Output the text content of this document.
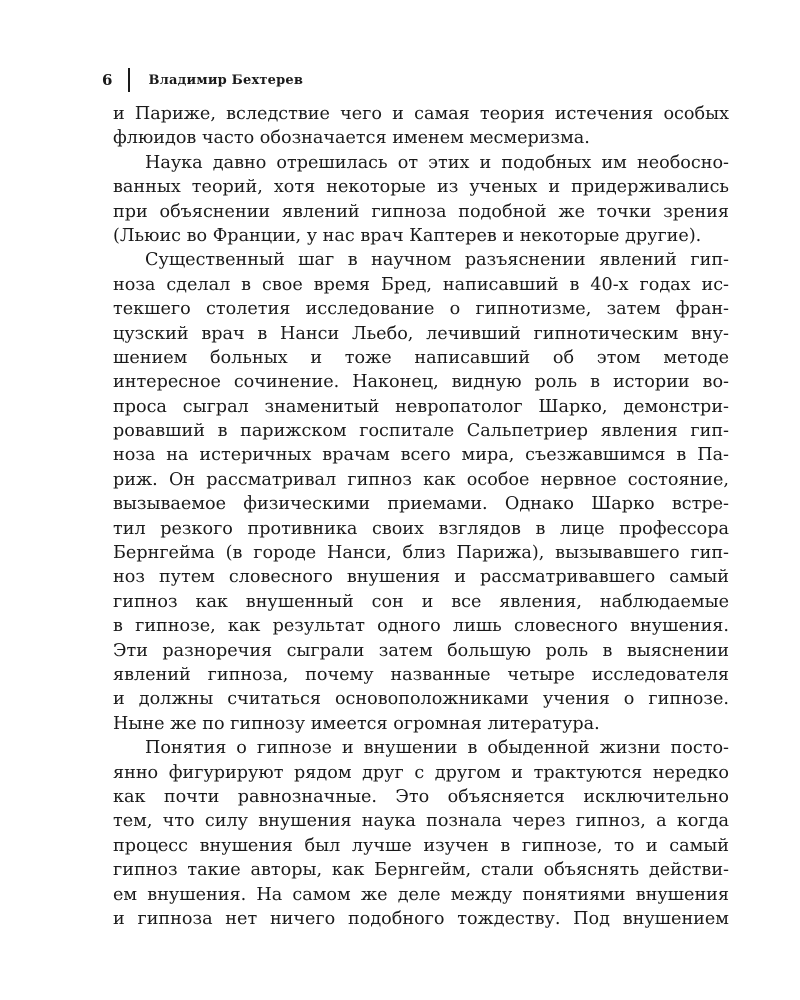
6	Владимир Бехтерев
и Париже, вследствие чего и самая теория истечения особых
флюидов часто обозначается именем месмеризма.
Наука давно отрешилась от этих и подобных им необосно-
ванных теорий, хотя некоторые из ученых и придерживались
при объяснении явлений гипноза подобной же точки зрения
(Льюис во Франции, у нас врач Каптерев и некоторые другие).
Существенный шаг в научном разъяснении явлений гип-
ноза сделал в свое время Бред, написавший в 40-х годах ис-
текшего столетия исследование о гипнотизме, затем фран-
цузский врач в Нанси Льебо, лечивший гипнотическим вну-
шением больных и тоже написавший об этом методе
интересное сочинение. Наконец, видную роль в истории во-
проса сыграл знаменитый невропатолог Шарко, демонстри-
ровавший в парижском госпитале Сальпетриер явления гип-
ноза на истеричных врачам всего мира, съезжавшимся в Па-
риж. Он рассматривал гипноз как особое нервное состояние,
вызываемое физическими приемами. Однако Шарко встре-
тил резкого противника своих взглядов в лице профессора
Бернгейма (в городе Нанси, близ Парижа), вызывавшего гип-
ноз путем словесного внушения и рассматривавшего самый
гипноз как внушенный сон и все явления, наблюдаемые
в гипнозе, как результат одного лишь словесного внушения.
Эти разноречия сыграли затем большую роль в выяснении
явлений гипноза, почему названные четыре исследователя
и должны считаться основоположниками учения о гипнозе.
Ныне же по гипнозу имеется огромная литература.
Понятия о гипнозе и внушении в обыденной жизни посто-
янно фигурируют рядом друг с другом и трактуются нередко
как почти равнозначные. Это объясняется исключительно
тем, что силу внушения наука познала через гипноз, а когда
процесс внушения был лучше изучен в гипнозе, то и самый
гипноз такие авторы, как Бернгейм, стали объяснять действи-
ем внушения. На самом же деле между понятиями внушения
и гипноза нет ничего подобного тождеству. Под внушением
